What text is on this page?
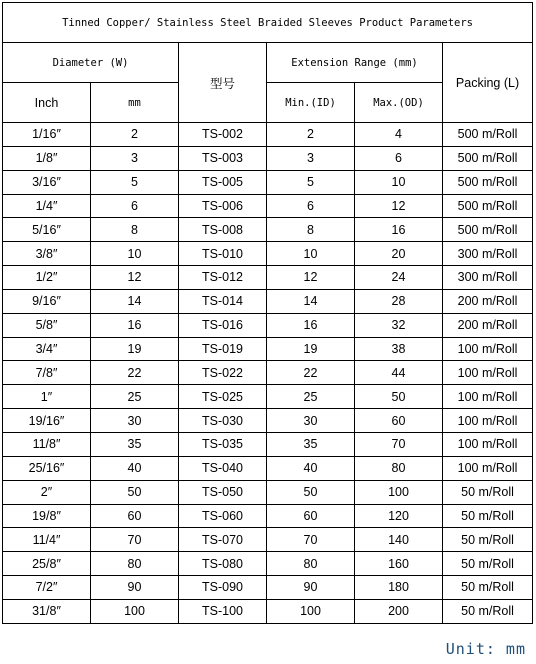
Tinned Copper/ Stainless Steel Braided Sleeves Product Parameters					
Diameter (W)		型号	Extension Range (mm)		Packing (L)
Inch	mm		Min.(ID)	Max.(OD)	
1/16″	2	TS-002	2	4	500 m/Roll
1/8″	3	TS-003	3	6	500 m/Roll
3/16″	5	TS-005	5	10	500 m/Roll
1/4″	6	TS-006	6	12	500 m/Roll
5/16″	8	TS-008	8	16	500 m/Roll
3/8″	10	TS-010	10	20	300 m/Roll
1/2″	12	TS-012	12	24	300 m/Roll
9/16″	14	TS-014	14	28	200 m/Roll
5/8″	16	TS-016	16	32	200 m/Roll
3/4″	19	TS-019	19	38	100 m/Roll
7/8″	22	TS-022	22	44	100 m/Roll
1″	25	TS-025	25	50	100 m/Roll
19/16″	30	TS-030	30	60	100 m/Roll
11/8″	35	TS-035	35	70	100 m/Roll
25/16″	40	TS-040	40	80	100 m/Roll
2″	50	TS-050	50	100	50 m/Roll
19/8″	60	TS-060	60	120	50 m/Roll
11/4″	70	TS-070	70	140	50 m/Roll
25/8″	80	TS-080	80	160	50 m/Roll
7/2″	90	TS-090	90	180	50 m/Roll
31/8″	100	TS-100	100	200	50 m/Roll
Unit: mm
